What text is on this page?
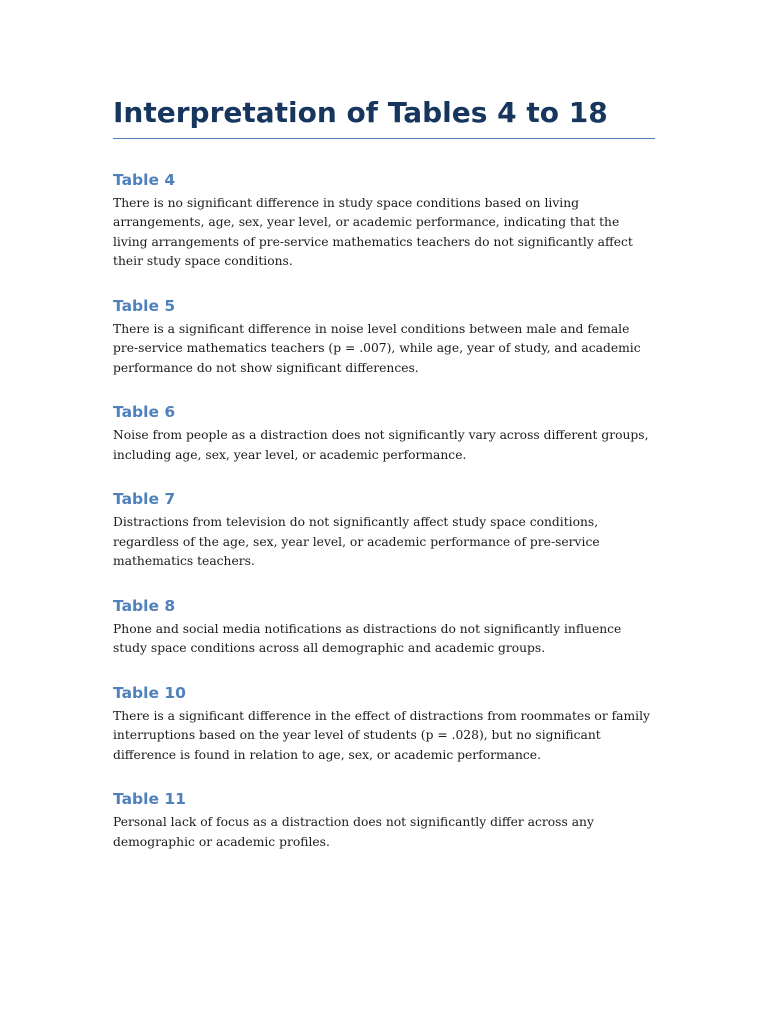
Interpretation of Tables 4 to 18
Table 4

There is no significant difference in study space conditions based on living arrangements, age, sex, year level, or academic performance, indicating that the living arrangements of pre-service mathematics teachers do not significantly affect their study space conditions.

Table 5

There is a significant difference in noise level conditions between male and female pre-service mathematics teachers (p = .007), while age, year of study, and academic performance do not show significant differences.

Table 6

Noise from people as a distraction does not significantly vary across different groups, including age, sex, year level, or academic performance.

Table 7

Distractions from television do not significantly affect study space conditions, regardless of the age, sex, year level, or academic performance of pre-service mathematics teachers.

Table 8

Phone and social media notifications as distractions do not significantly influence study space conditions across all demographic and academic groups.

Table 10

There is a significant difference in the effect of distractions from roommates or family interruptions based on the year level of students (p = .028), but no significant difference is found in relation to age, sex, or academic performance.

Table 11

Personal lack of focus as a distraction does not significantly differ across any demographic or academic profiles.
